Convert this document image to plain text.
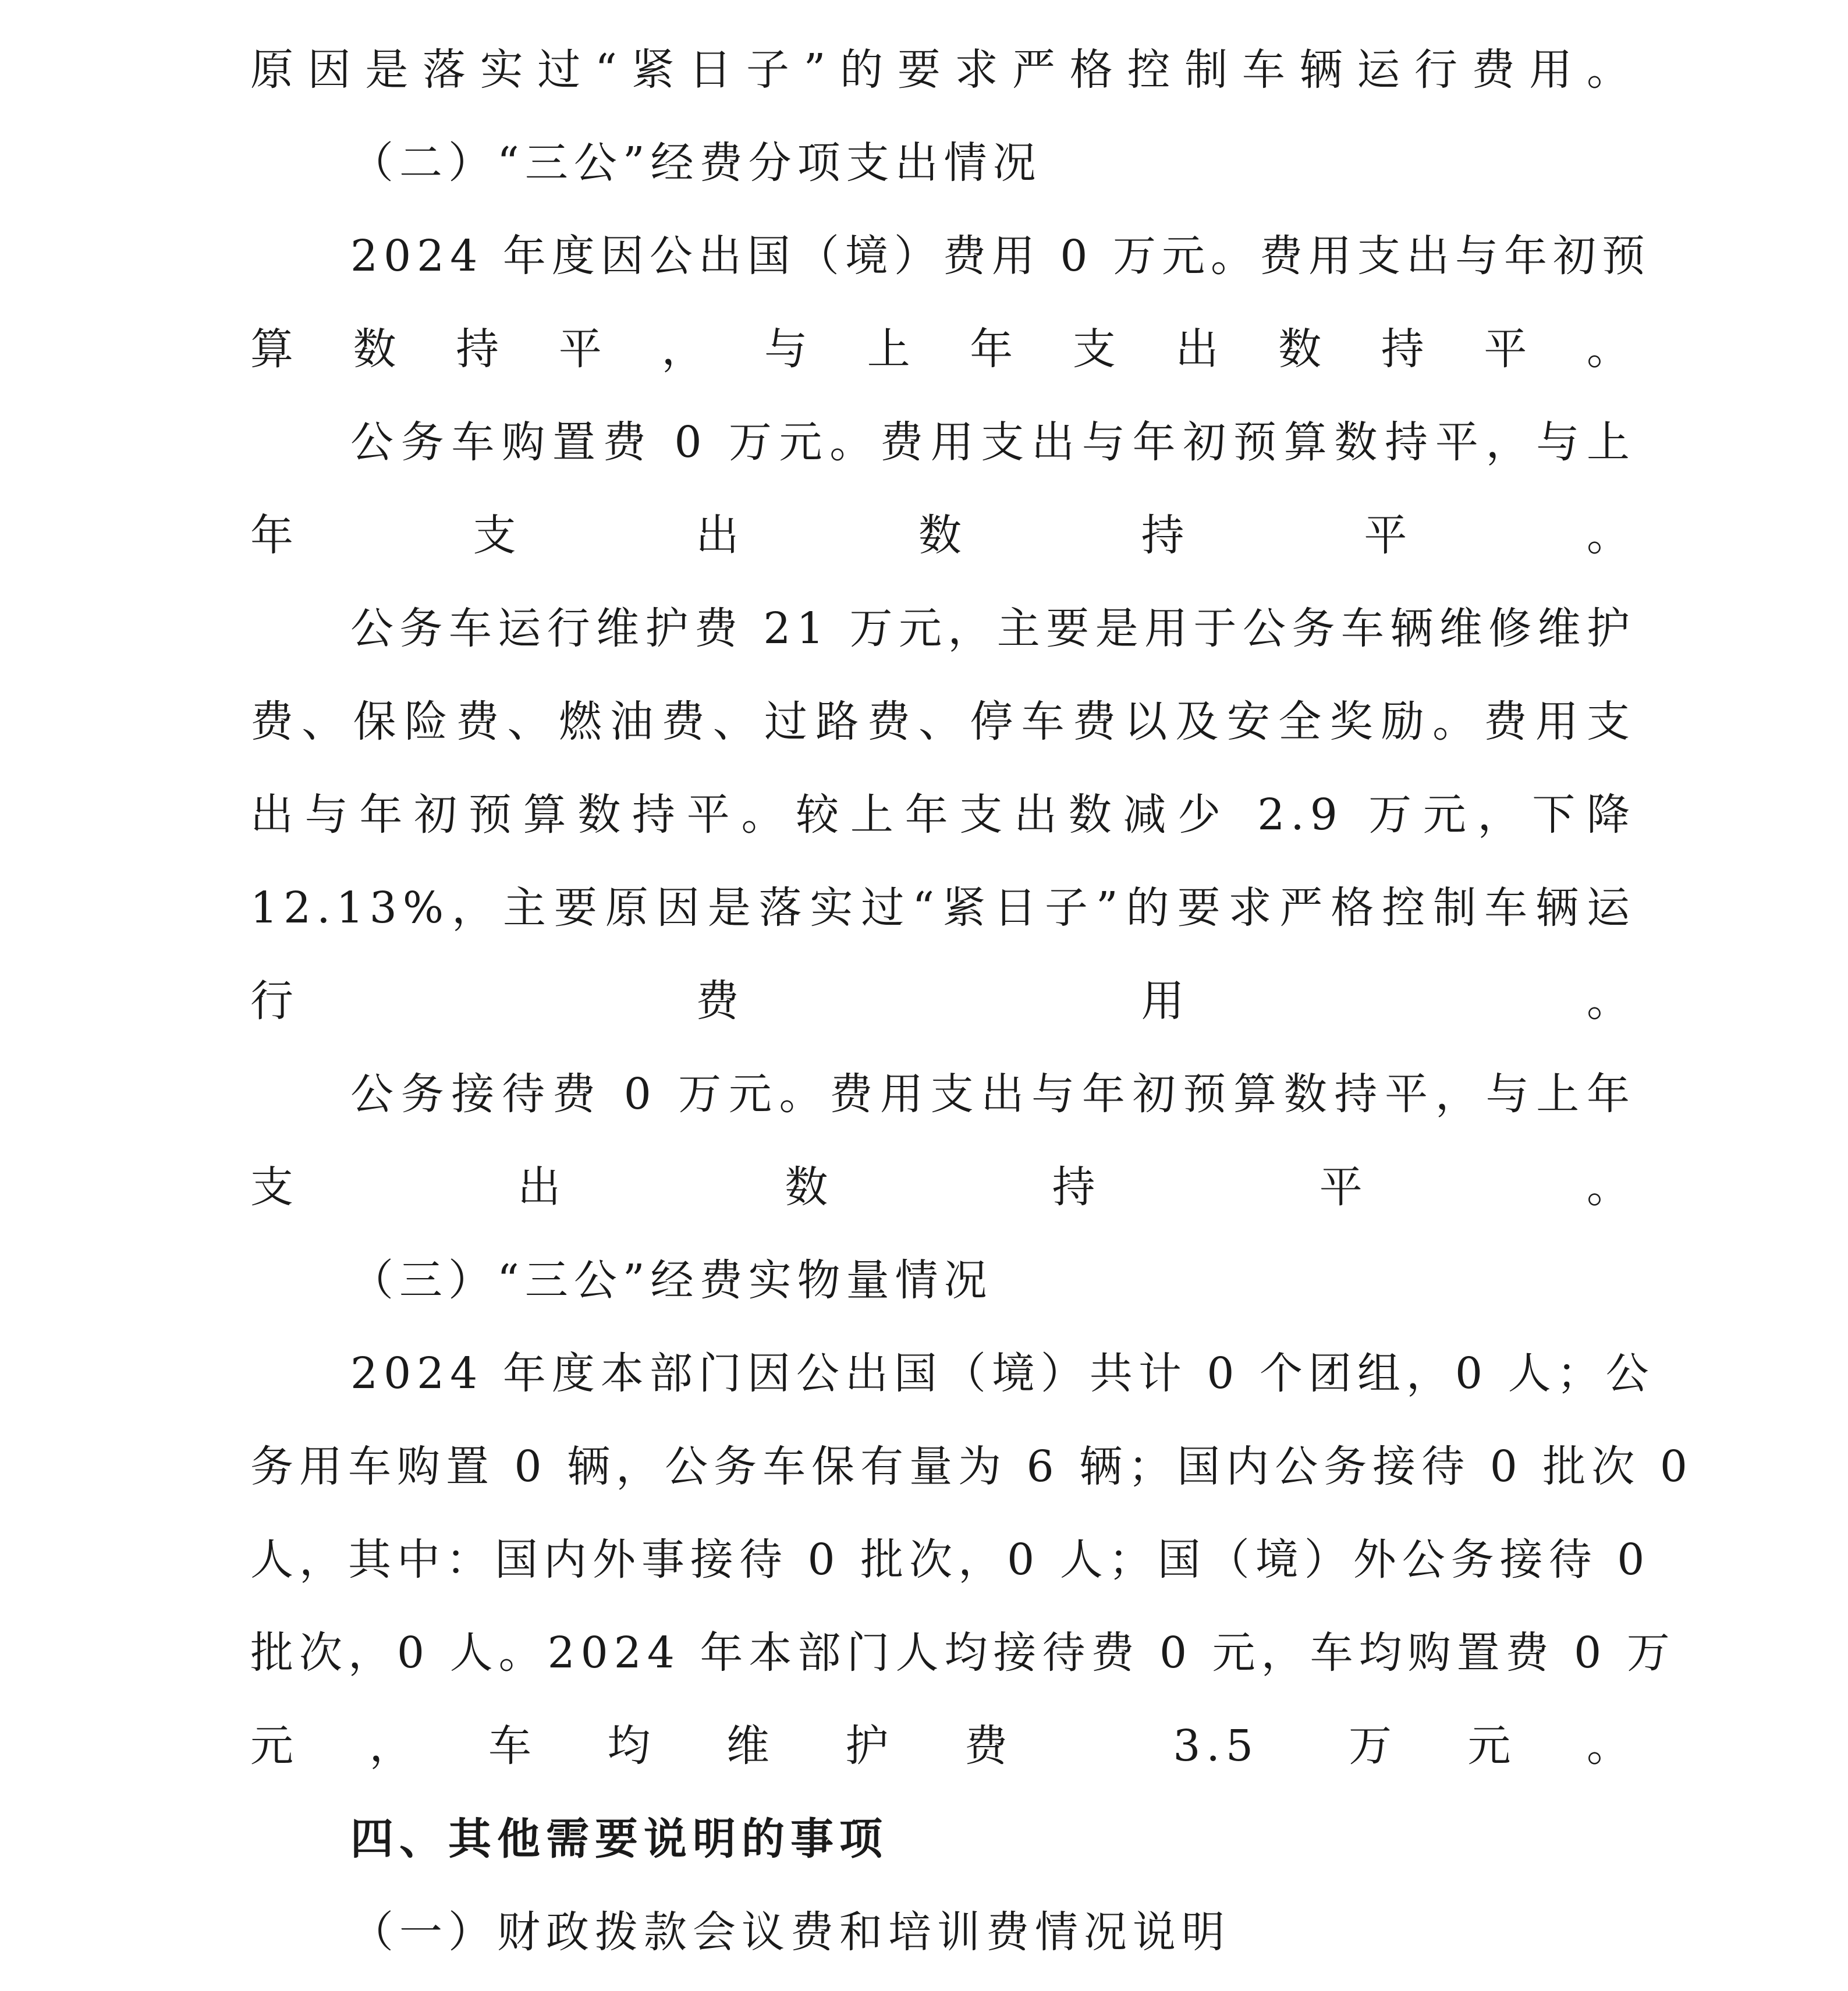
原因是落实过“紧日子”的要求严格控制车辆运行费用。
（二）“三公”经费分项支出情况
2024 年度因公出国（境）费用 0 万元。费用支出与年初预
算数持平，与上年支出数持平。
公务车购置费 0 万元。费用支出与年初预算数持平，与上
年支出数持平。
公务车运行维护费 21 万元，主要是用于公务车辆维修维护
费、保险费、燃油费、过路费、停车费以及安全奖励。费用支
出与年初预算数持平。较上年支出数减少 2.9 万元，下降
12.13%，主要原因是落实过“紧日子”的要求严格控制车辆运
行费用。
公务接待费 0 万元。费用支出与年初预算数持平，与上年
支出数持平。
（三）“三公”经费实物量情况
2024 年度本部门因公出国（境）共计 0 个团组，0 人；公
务用车购置 0 辆，公务车保有量为 6 辆；国内公务接待 0 批次 0
人，其中：国内外事接待 0 批次，0 人；国（境）外公务接待 0
批次，0 人。2024 年本部门人均接待费 0 元，车均购置费 0 万
元，车均维护费 3.5 万元。
四、其他需要说明的事项
（一）财政拨款会议费和培训费情况说明
